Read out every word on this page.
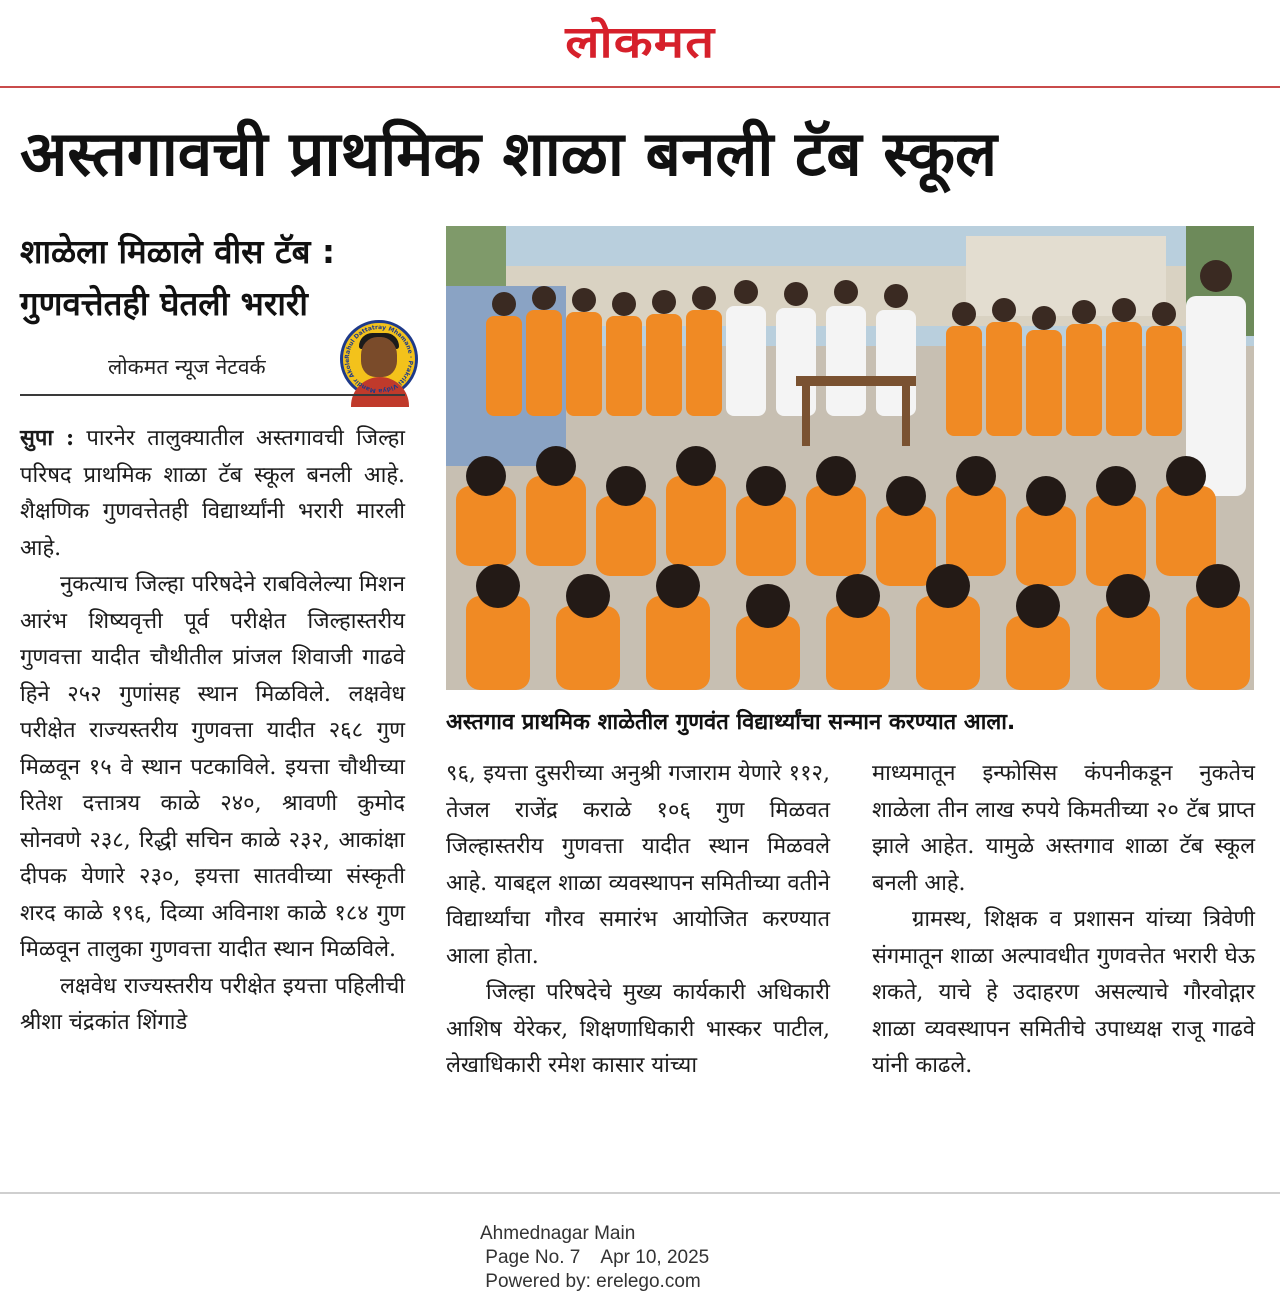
लोकमत
अस्तगावची प्राथमिक शाळा बनली टॅब स्कूल
शाळेला मिळाले वीस टॅब :
गुणवत्तेतही घेतली भरारी
Rahul Dattatray Mhamane · Prakriti Vidya Mandir Akole
लोकमत न्यूज नेटवर्क

सुपा : पारनेर तालुक्यातील अस्तगावची जिल्हा परिषद प्राथमिक शाळा टॅब स्कूल बनली आहे. शैक्षणिक गुणवत्तेतही विद्यार्थ्यांनी भरारी मारली आहे.

नुकत्याच जिल्हा परिषदेने राबविलेल्या मिशन आरंभ शिष्यवृत्ती पूर्व परीक्षेत जिल्हास्तरीय गुणवत्ता यादीत चौथीतील प्रांजल शिवाजी गाढवे हिने २५२ गुणांसह स्थान मिळविले. लक्षवेध परीक्षेत राज्यस्तरीय गुणवत्ता यादीत २६८ गुण मिळवून १५ वे स्थान पटकाविले. इयत्ता चौथीच्या रितेश दत्तात्रय काळे २४०, श्रावणी कुमोद सोनवणे २३८, रिद्धी सचिन काळे २३२, आकांक्षा दीपक येणारे २३०, इयत्ता सातवीच्या संस्कृती शरद काळे १९६, दिव्या अविनाश काळे १८४ गुण मिळवून तालुका गुणवत्ता यादीत स्थान मिळविले.

लक्षवेध राज्यस्तरीय परीक्षेत इयत्ता पहिलीची श्रीशा चंद्रकांत शिंगाडे

अस्तगाव प्राथमिक शाळेतील गुणवंत विद्यार्थ्यांचा सन्मान करण्यात आला.

९६, इयत्ता दुसरीच्या अनुश्री गजाराम येणारे ११२, तेजल राजेंद्र कराळे १०६ गुण मिळवत जिल्हास्तरीय गुणवत्ता यादीत स्थान मिळवले आहे. याबद्दल शाळा व्यवस्थापन समितीच्या वतीने विद्यार्थ्यांचा गौरव समारंभ आयोजित करण्यात आला होता.

जिल्हा परिषदेचे मुख्य कार्यकारी अधिकारी आशिष येरेकर, शिक्षणाधिकारी भास्कर पाटील, लेखाधिकारी रमेश कासार यांच्या

माध्यमातून इन्फोसिस कंपनीकडून नुकतेच शाळेला तीन लाख रुपये किमतीच्या २० टॅब प्राप्त झाले आहेत. यामुळे अस्तगाव शाळा टॅब स्कूल बनली आहे.

ग्रामस्थ, शिक्षक व प्रशासन यांच्या त्रिवेणी संगमातून शाळा अल्पावधीत गुणवत्तेत भरारी घेऊ शकते, याचे हे उदाहरण असल्याचे गौरवोद्गार शाळा व्यवस्थापन समितीचे उपाध्यक्ष राजू गाढवे यांनी काढले.

Ahmednagar Main
Page No. 7    Apr 10, 2025
Powered by: erelego.com
